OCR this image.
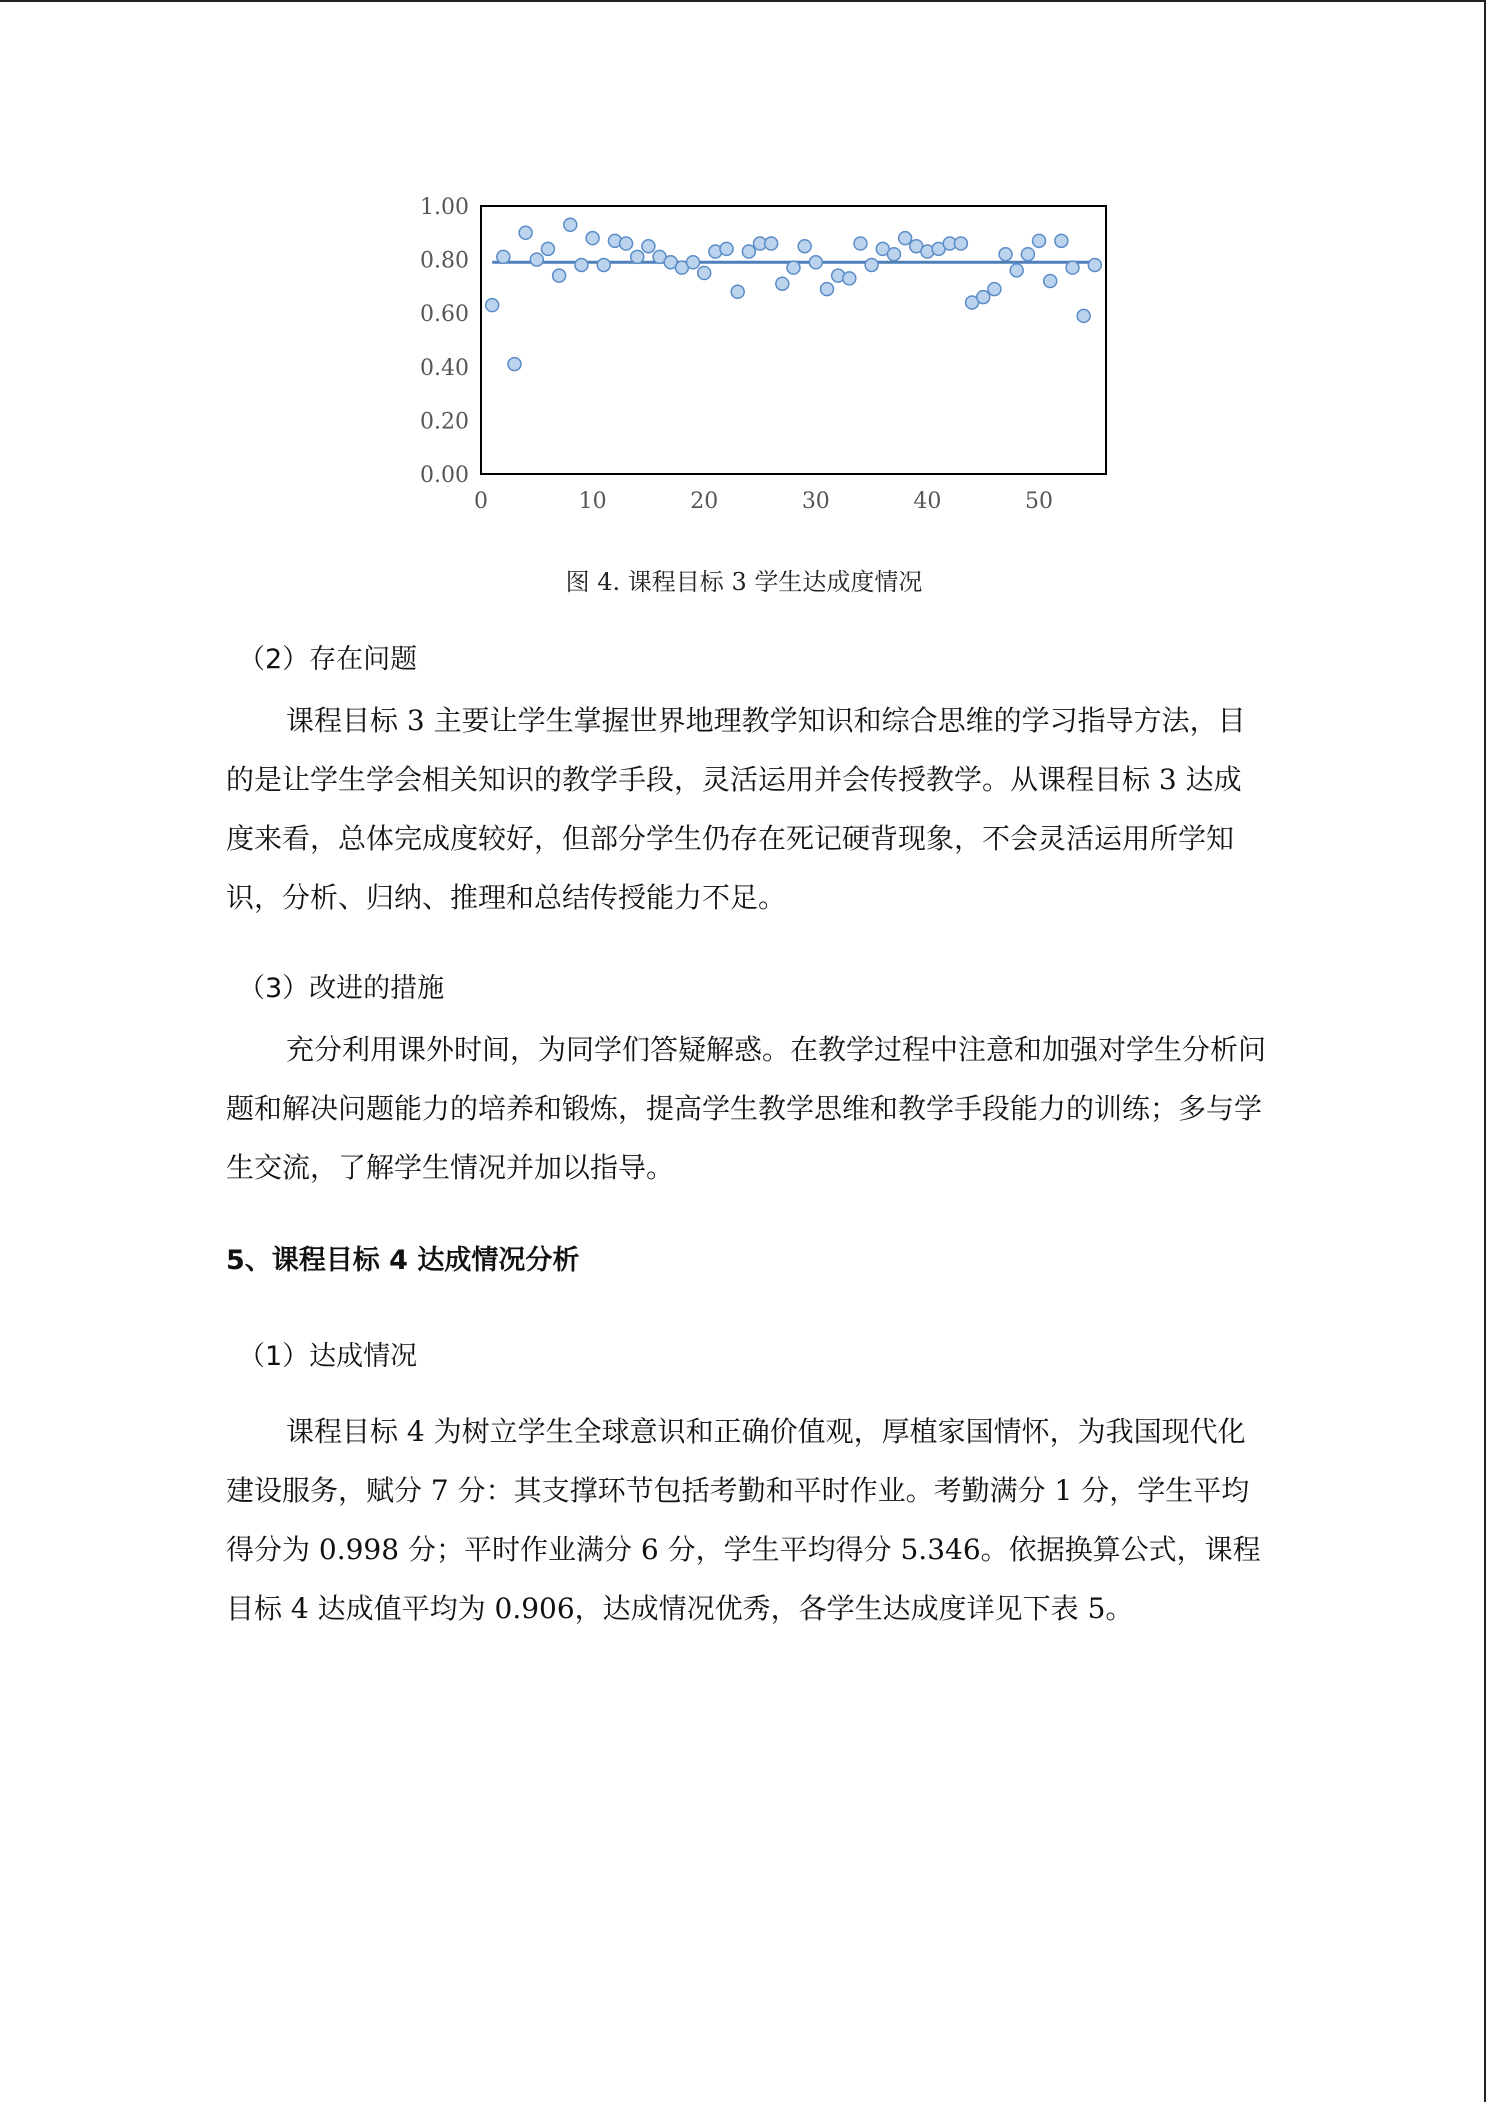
1.00
0.80
0.60
0.40
0.20
0.00
0	10	20	30	40	50
图 4. 课程目标 3 学生达成度情况
（2）存在问题

课程目标 3 主要让学生掌握世界地理教学知识和综合思维的学习指导方法，目的是让学生学会相关知识的教学手段，灵活运用并会传授教学。从课程目标 3 达成度来看，总体完成度较好，但部分学生仍存在死记硬背现象，不会灵活运用所学知识，分析、归纳、推理和总结传授能力不足。

（3）改进的措施

充分利用课外时间，为同学们答疑解惑。在教学过程中注意和加强对学生分析问题和解决问题能力的培养和锻炼，提高学生教学思维和教学手段能力的训练；多与学生交流，了解学生情况并加以指导。

5、课程目标 4 达成情况分析
（1）达成情况

课程目标 4 为树立学生全球意识和正确价值观，厚植家国情怀，为我国现代化建设服务，赋分 7 分：其支撑环节包括考勤和平时作业。考勤满分 1 分，学生平均得分为 0.998 分；平时作业满分 6 分，学生平均得分 5.346。依据换算公式，课程目标 4 达成值平均为 0.906，达成情况优秀，各学生达成度详见下表 5。
